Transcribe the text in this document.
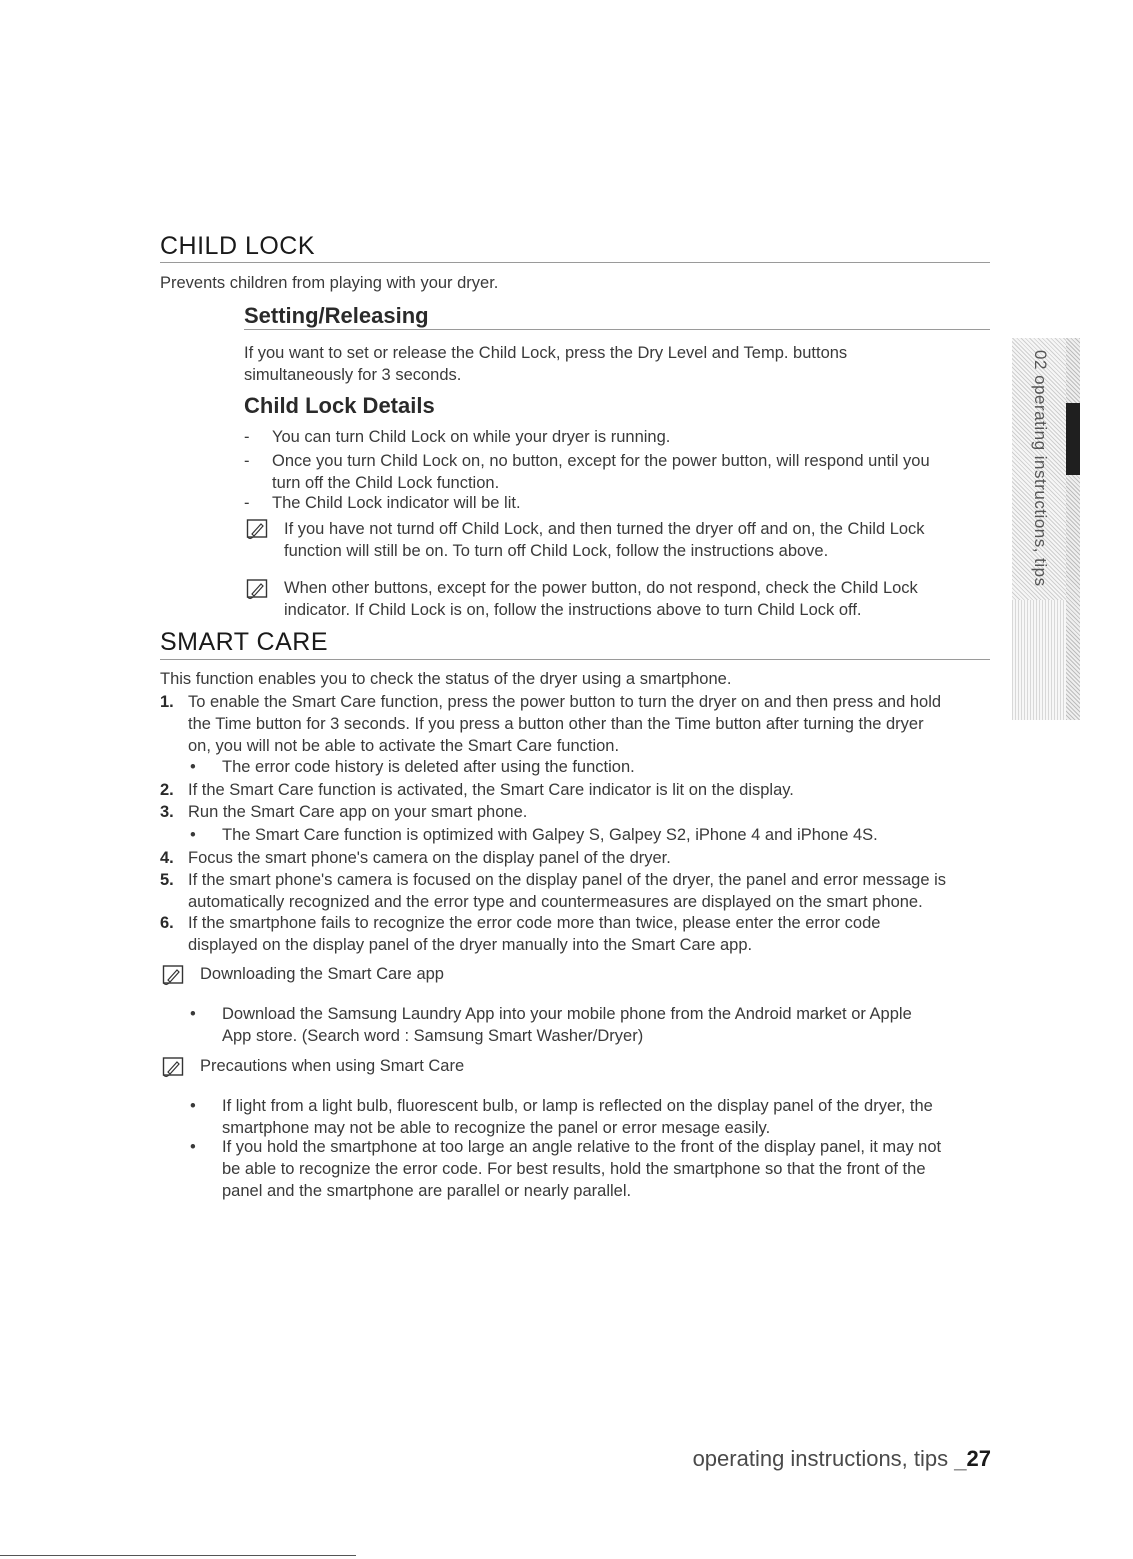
CHILD LOCK

Prevents children from playing with your dryer.

Setting/Releasing

If you want to set or release the Child Lock, press the Dry Level and Temp. buttons

simultaneously for 3 seconds.

Child Lock Details
- You can turn Child Lock on while your dryer is running.
- Once you turn Child Lock on, no button, except for the power button, will respond until you
turn off the Child Lock function.
- The Child Lock indicator will be lit.

If you have not turnd off Child Lock, and then turned the dryer off and on, the Child Lock

function will still be on. To turn off Child Lock, follow the instructions above.

When other buttons, except for the power button, do not respond, check the Child Lock

indicator. If Child Lock is on, follow the instructions above to turn Child Lock off.

SMART CARE

This function enables you to check the status of the dryer using a smartphone.

1. To enable the Smart Care function, press the power button to turn the dryer on and then press and hold
the Time button for 3 seconds. If you press a button other than the Time button after turning the dryer
on, you will not be able to activate the Smart Care function.
• The error code history is deleted after using the function.
2. If the Smart Care function is activated, the Smart Care indicator is lit on the display.
3. Run the Smart Care app on your smart phone.
• The Smart Care function is optimized with Galpey S, Galpey S2, iPhone 4 and iPhone 4S.
4. Focus the smart phone's camera on the display panel of the dryer.
5. If the smart phone's camera is focused on the display panel of the dryer, the panel and error message is
automatically recognized and the error type and countermeasures are displayed on the smart phone.
6. If the smartphone fails to recognize the error code more than twice, please enter the error code
displayed on the display panel of the dryer manually into the Smart Care app.

Downloading the Smart Care app

• Download the Samsung Laundry App into your mobile phone from the Android market or Apple
App store. (Search word : Samsung Smart Washer/Dryer)

Precautions when using Smart Care

• If light from a light bulb, fluorescent bulb, or lamp is reflected on the display panel of the dryer, the
smartphone may not be able to recognize the panel or error mesage easily.
• If you hold the smartphone at too large an angle relative to the front of the display panel, it may not
be able to recognize the error code. For best results, hold the smartphone so that the front of the
panel and the smartphone are parallel or nearly parallel.
02 operating instructions, tips
operating instructions, tips _27
